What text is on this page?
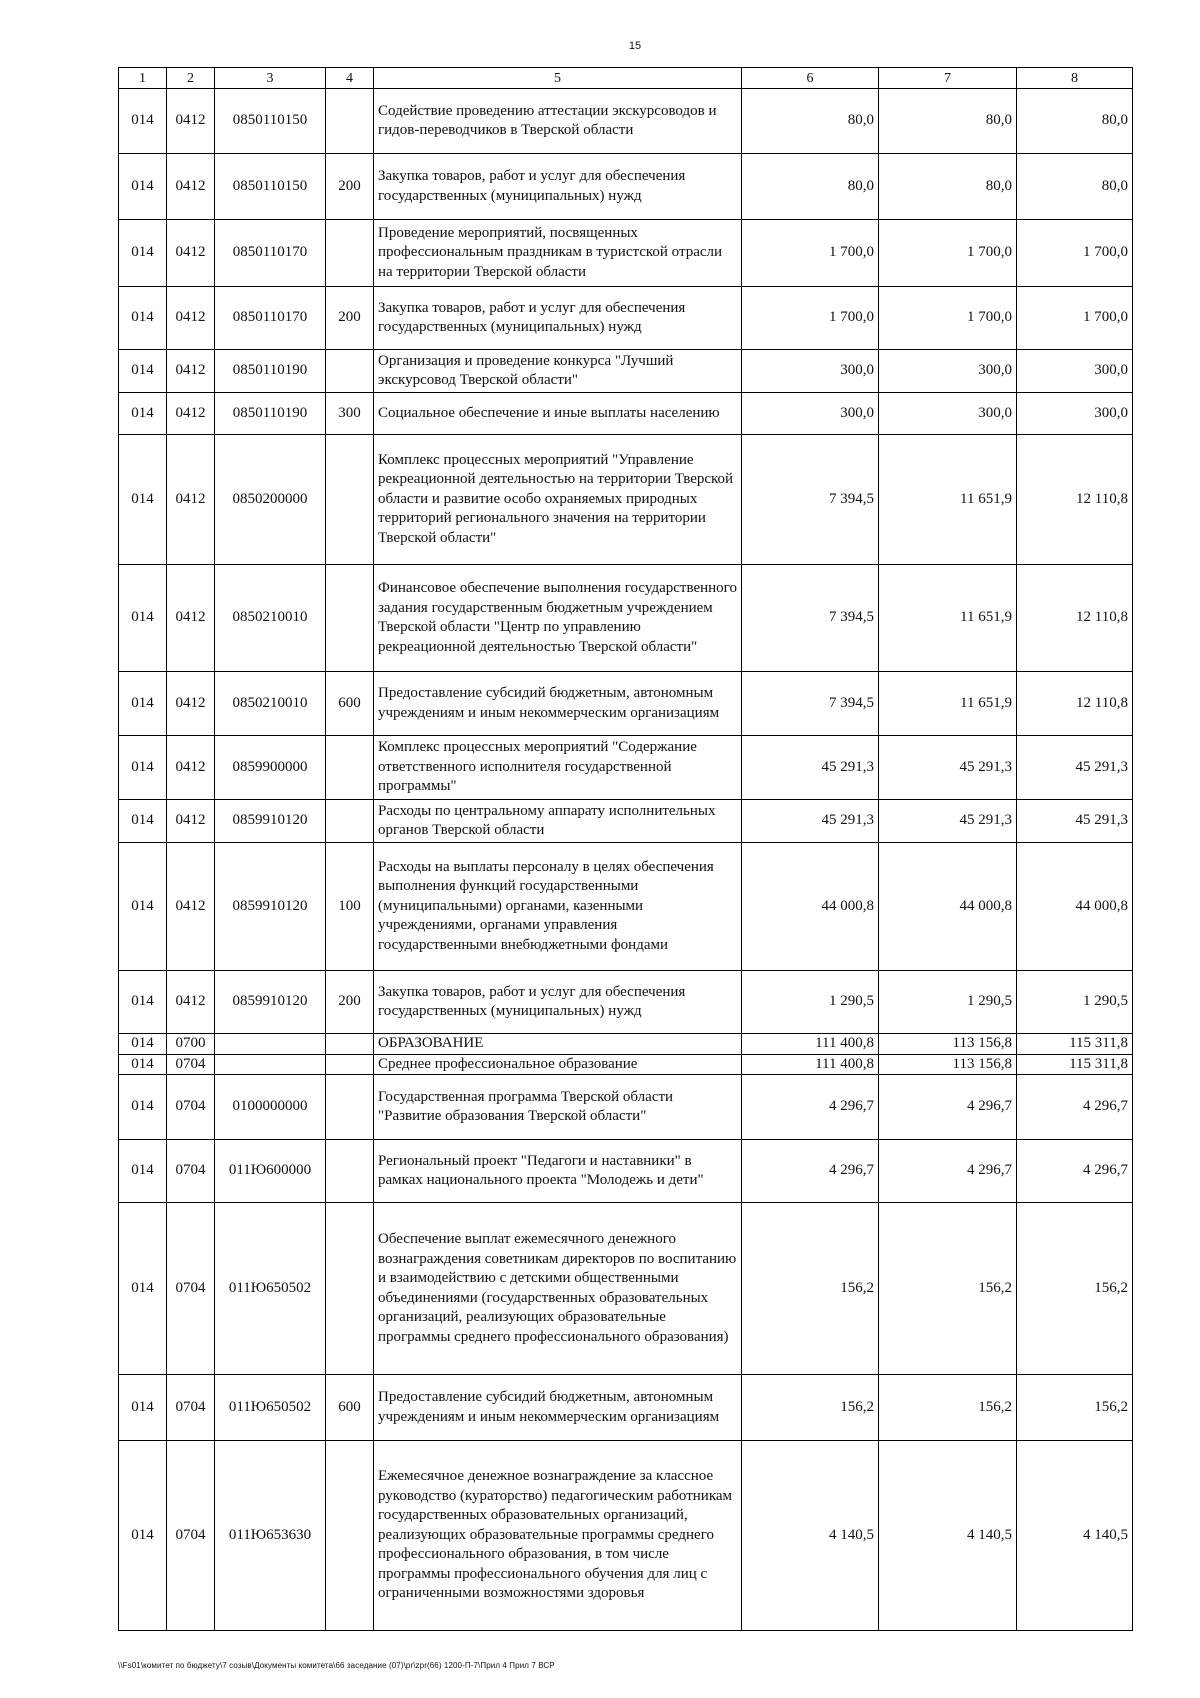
15
1	2	3	4	5	6	7	8
014	0412	0850110150		Содействие проведению аттестации экскурсоводов и гидов-переводчиков в Тверской области	80,0	80,0	80,0
014	0412	0850110150	200	Закупка товаров, работ и услуг для обеспечения государственных (муниципальных) нужд	80,0	80,0	80,0
014	0412	0850110170		Проведение мероприятий, посвященных профессиональным праздникам в туристской отрасли на территории Тверской области	1 700,0	1 700,0	1 700,0
014	0412	0850110170	200	Закупка товаров, работ и услуг для обеспечения государственных (муниципальных) нужд	1 700,0	1 700,0	1 700,0
014	0412	0850110190		Организация и проведение конкурса "Лучший экскурсовод Тверской области"	300,0	300,0	300,0
014	0412	0850110190	300	Социальное обеспечение и иные выплаты населению	300,0	300,0	300,0
014	0412	0850200000		Комплекс процессных мероприятий "Управление рекреационной деятельностью на территории Тверской области и развитие особо охраняемых природных территорий регионального значения на территории Тверской области"	7 394,5	11 651,9	12 110,8
014	0412	0850210010		Финансовое обеспечение выполнения государственного задания государственным бюджетным учреждением Тверской области "Центр по управлению рекреационной деятельностью Тверской области"	7 394,5	11 651,9	12 110,8
014	0412	0850210010	600	Предоставление субсидий бюджетным, автономным учреждениям и иным некоммерческим организациям	7 394,5	11 651,9	12 110,8
014	0412	0859900000		Комплекс процессных мероприятий "Содержание ответственного исполнителя государственной программы"	45 291,3	45 291,3	45 291,3
014	0412	0859910120		Расходы по центральному аппарату исполнительных органов Тверской области	45 291,3	45 291,3	45 291,3
014	0412	0859910120	100	Расходы на выплаты персоналу в целях обеспечения выполнения функций государственными (муниципальными) органами, казенными учреждениями, органами управления государственными внебюджетными фондами	44 000,8	44 000,8	44 000,8
014	0412	0859910120	200	Закупка товаров, работ и услуг для обеспечения государственных (муниципальных) нужд	1 290,5	1 290,5	1 290,5
014	0700			ОБРАЗОВАНИЕ	111 400,8	113 156,8	115 311,8
014	0704			Среднее профессиональное образование	111 400,8	113 156,8	115 311,8
014	0704	0100000000		Государственная программа Тверской области "Развитие образования Тверской области"	4 296,7	4 296,7	4 296,7
014	0704	011Ю600000		Региональный проект "Педагоги и наставники" в рамках национального проекта "Молодежь и дети"	4 296,7	4 296,7	4 296,7
014	0704	011Ю650502		Обеспечение выплат ежемесячного денежного вознаграждения советникам директоров по воспитанию и взаимодействию с детскими общественными объединениями (государственных образовательных организаций, реализующих образовательные программы среднего профессионального образования)	156,2	156,2	156,2
014	0704	011Ю650502	600	Предоставление субсидий бюджетным, автономным учреждениям и иным некоммерческим организациям	156,2	156,2	156,2
014	0704	011Ю653630		Ежемесячное денежное вознаграждение за классное руководство (кураторство) педагогическим работникам государственных образовательных организаций, реализующих образовательные программы среднего профессионального образования, в том числе программы профессионального обучения для лиц с ограниченными возможностями здоровья	4 140,5	4 140,5	4 140,5
\\Fs01\комитет по бюджету\7 созыв\Документы комитета\66 заседание (07)\pr\zpr(66) 1200-П-7\Прил 4 Прил 7 ВСР
